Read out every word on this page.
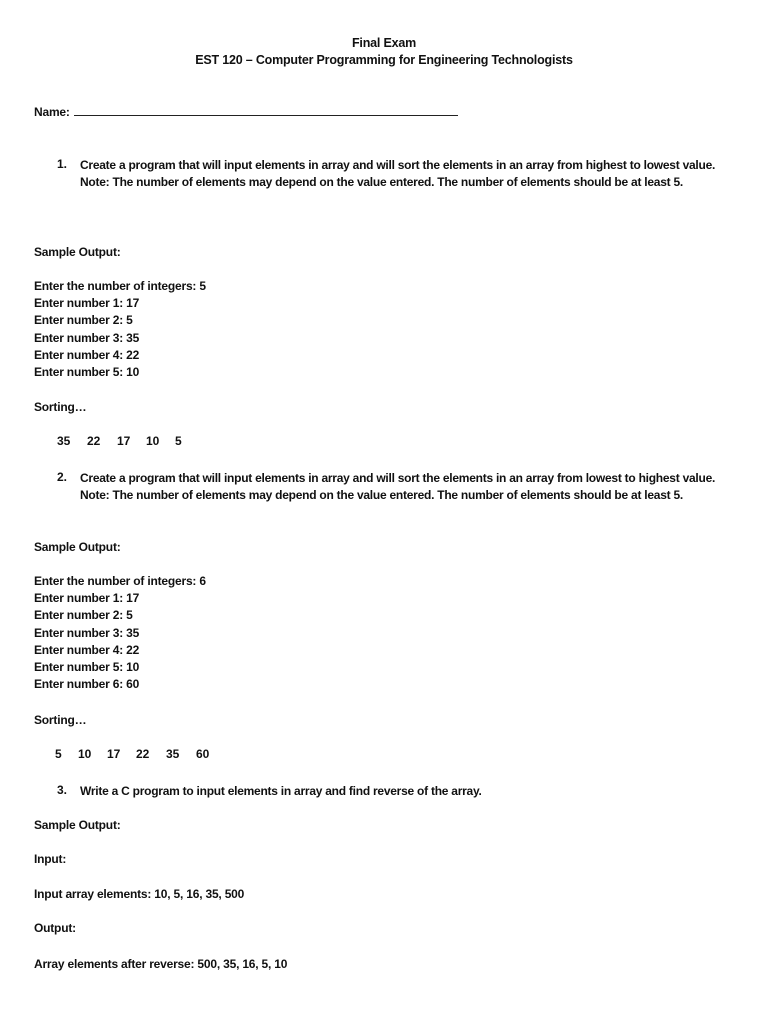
Final Exam
EST 120 – Computer Programming for Engineering Technologists
Name:
1. Create a program that will input elements in array and will sort the elements in an array from highest to lowest value. Note: The number of elements may depend on the value entered. The number of elements should be at least 5.
Sample Output:
Enter the number of integers: 5
Enter number 1: 17
Enter number 2: 5
Enter number 3: 35
Enter number 4: 22
Enter number 5: 10
Sorting…
35	22	17	10	5
2. Create a program that will input elements in array and will sort the elements in an array from lowest to highest value. Note: The number of elements may depend on the value entered. The number of elements should be at least 5.
Sample Output:
Enter the number of integers: 6
Enter number 1: 17
Enter number 2: 5
Enter number 3: 35
Enter number 4: 22
Enter number 5: 10
Enter number 6: 60
Sorting…
5	10	17	22	35	60
3. Write a C program to input elements in array and find reverse of the array.
Sample Output:
Input:
Input array elements: 10, 5, 16, 35, 500
Output:
Array elements after reverse: 500, 35, 16, 5, 10
